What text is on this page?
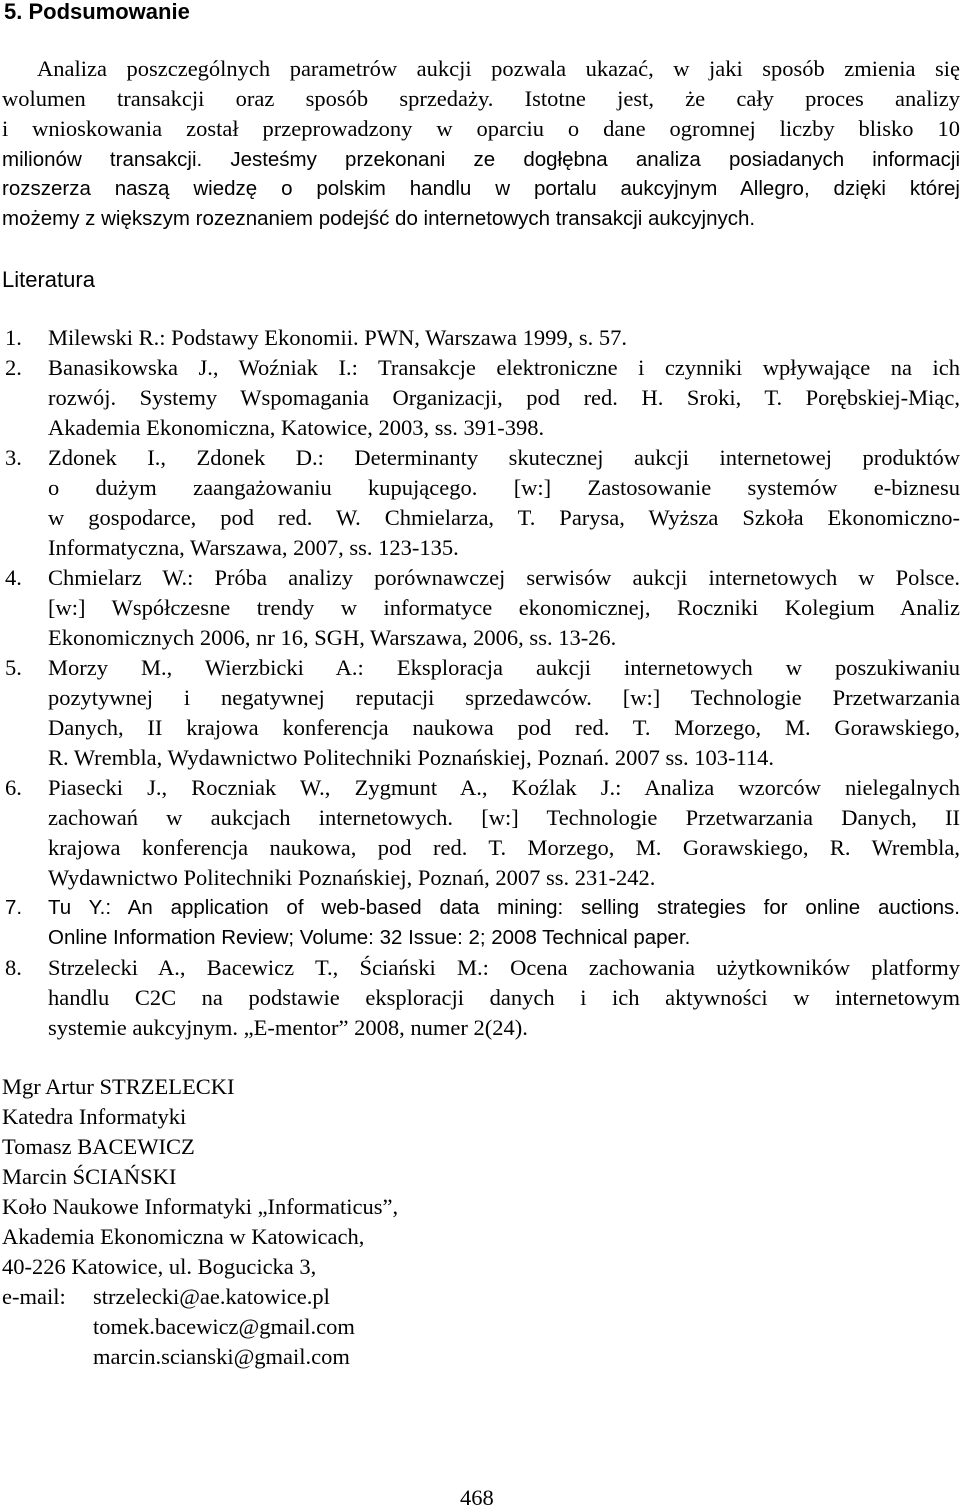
5. Podsumowanie
Analiza poszczególnych parametrów aukcji pozwala ukazać, w jaki sposób zmienia się
wolumen transakcji oraz sposób sprzedaży. Istotne jest, że cały proces analizy
i wnioskowania został przeprowadzony w oparciu o dane ogromnej liczby blisko 10
milionów transakcji. Jesteśmy przekonani ze dogłębna analiza posiadanych informacji
rozszerza naszą wiedzę o polskim handlu w portalu aukcyjnym Allegro, dzięki której
możemy z większym rozeznaniem podejść do internetowych transakcji aukcyjnych.
Literatura
1. Milewski R.: Podstawy Ekonomii. PWN, Warszawa 1999, s. 57.
2. Banasikowska J., Woźniak I.: Transakcje elektroniczne i czynniki wpływające na ich
rozwój. Systemy Wspomagania Organizacji, pod red. H. Sroki, T. Porębskiej-Miąc,
Akademia Ekonomiczna, Katowice, 2003, ss. 391-398.
3. Zdonek I., Zdonek D.: Determinanty skutecznej aukcji internetowej produktów
o dużym zaangażowaniu kupującego. [w:] Zastosowanie systemów e-biznesu
w gospodarce, pod red. W. Chmielarza, T. Parysa, Wyższa Szkoła Ekonomiczno-
Informatyczna, Warszawa, 2007, ss. 123-135.
4. Chmielarz W.: Próba analizy porównawczej serwisów aukcji internetowych w Polsce.
[w:] Współczesne trendy w informatyce ekonomicznej, Roczniki Kolegium Analiz
Ekonomicznych 2006, nr 16, SGH, Warszawa, 2006, ss. 13-26.
5. Morzy M., Wierzbicki A.: Eksploracja aukcji internetowych w poszukiwaniu
pozytywnej i negatywnej reputacji sprzedawców. [w:] Technologie Przetwarzania
Danych, II krajowa konferencja naukowa pod red. T. Morzego, M. Gorawskiego,
R. Wrembla, Wydawnictwo Politechniki Poznańskiej, Poznań. 2007 ss. 103-114.
6. Piasecki J., Roczniak W., Zygmunt A., Koźlak J.: Analiza wzorców nielegalnych
zachowań w aukcjach internetowych. [w:] Technologie Przetwarzania Danych, II
krajowa konferencja naukowa, pod red. T. Morzego, M. Gorawskiego, R. Wrembla,
Wydawnictwo Politechniki Poznańskiej, Poznań, 2007 ss. 231-242.
7. Tu Y.: An application of web-based data mining: selling strategies for online auctions.
Online Information Review; Volume: 32 Issue: 2; 2008 Technical paper.
8. Strzelecki A., Bacewicz T., Ściański M.: Ocena zachowania użytkowników platformy
handlu C2C na podstawie eksploracji danych i ich aktywności w internetowym
systemie aukcyjnym. „E-mentor” 2008, numer 2(24).
Mgr Artur STRZELECKI
Katedra Informatyki
Tomasz BACEWICZ
Marcin ŚCIAŃSKI
Koło Naukowe Informatyki „Informaticus”,
Akademia Ekonomiczna w Katowicach,
40-226 Katowice, ul. Bogucicka 3,
e-mail: strzelecki@ae.katowice.pl
tomek.bacewicz@gmail.com
marcin.scianski@gmail.com
468
